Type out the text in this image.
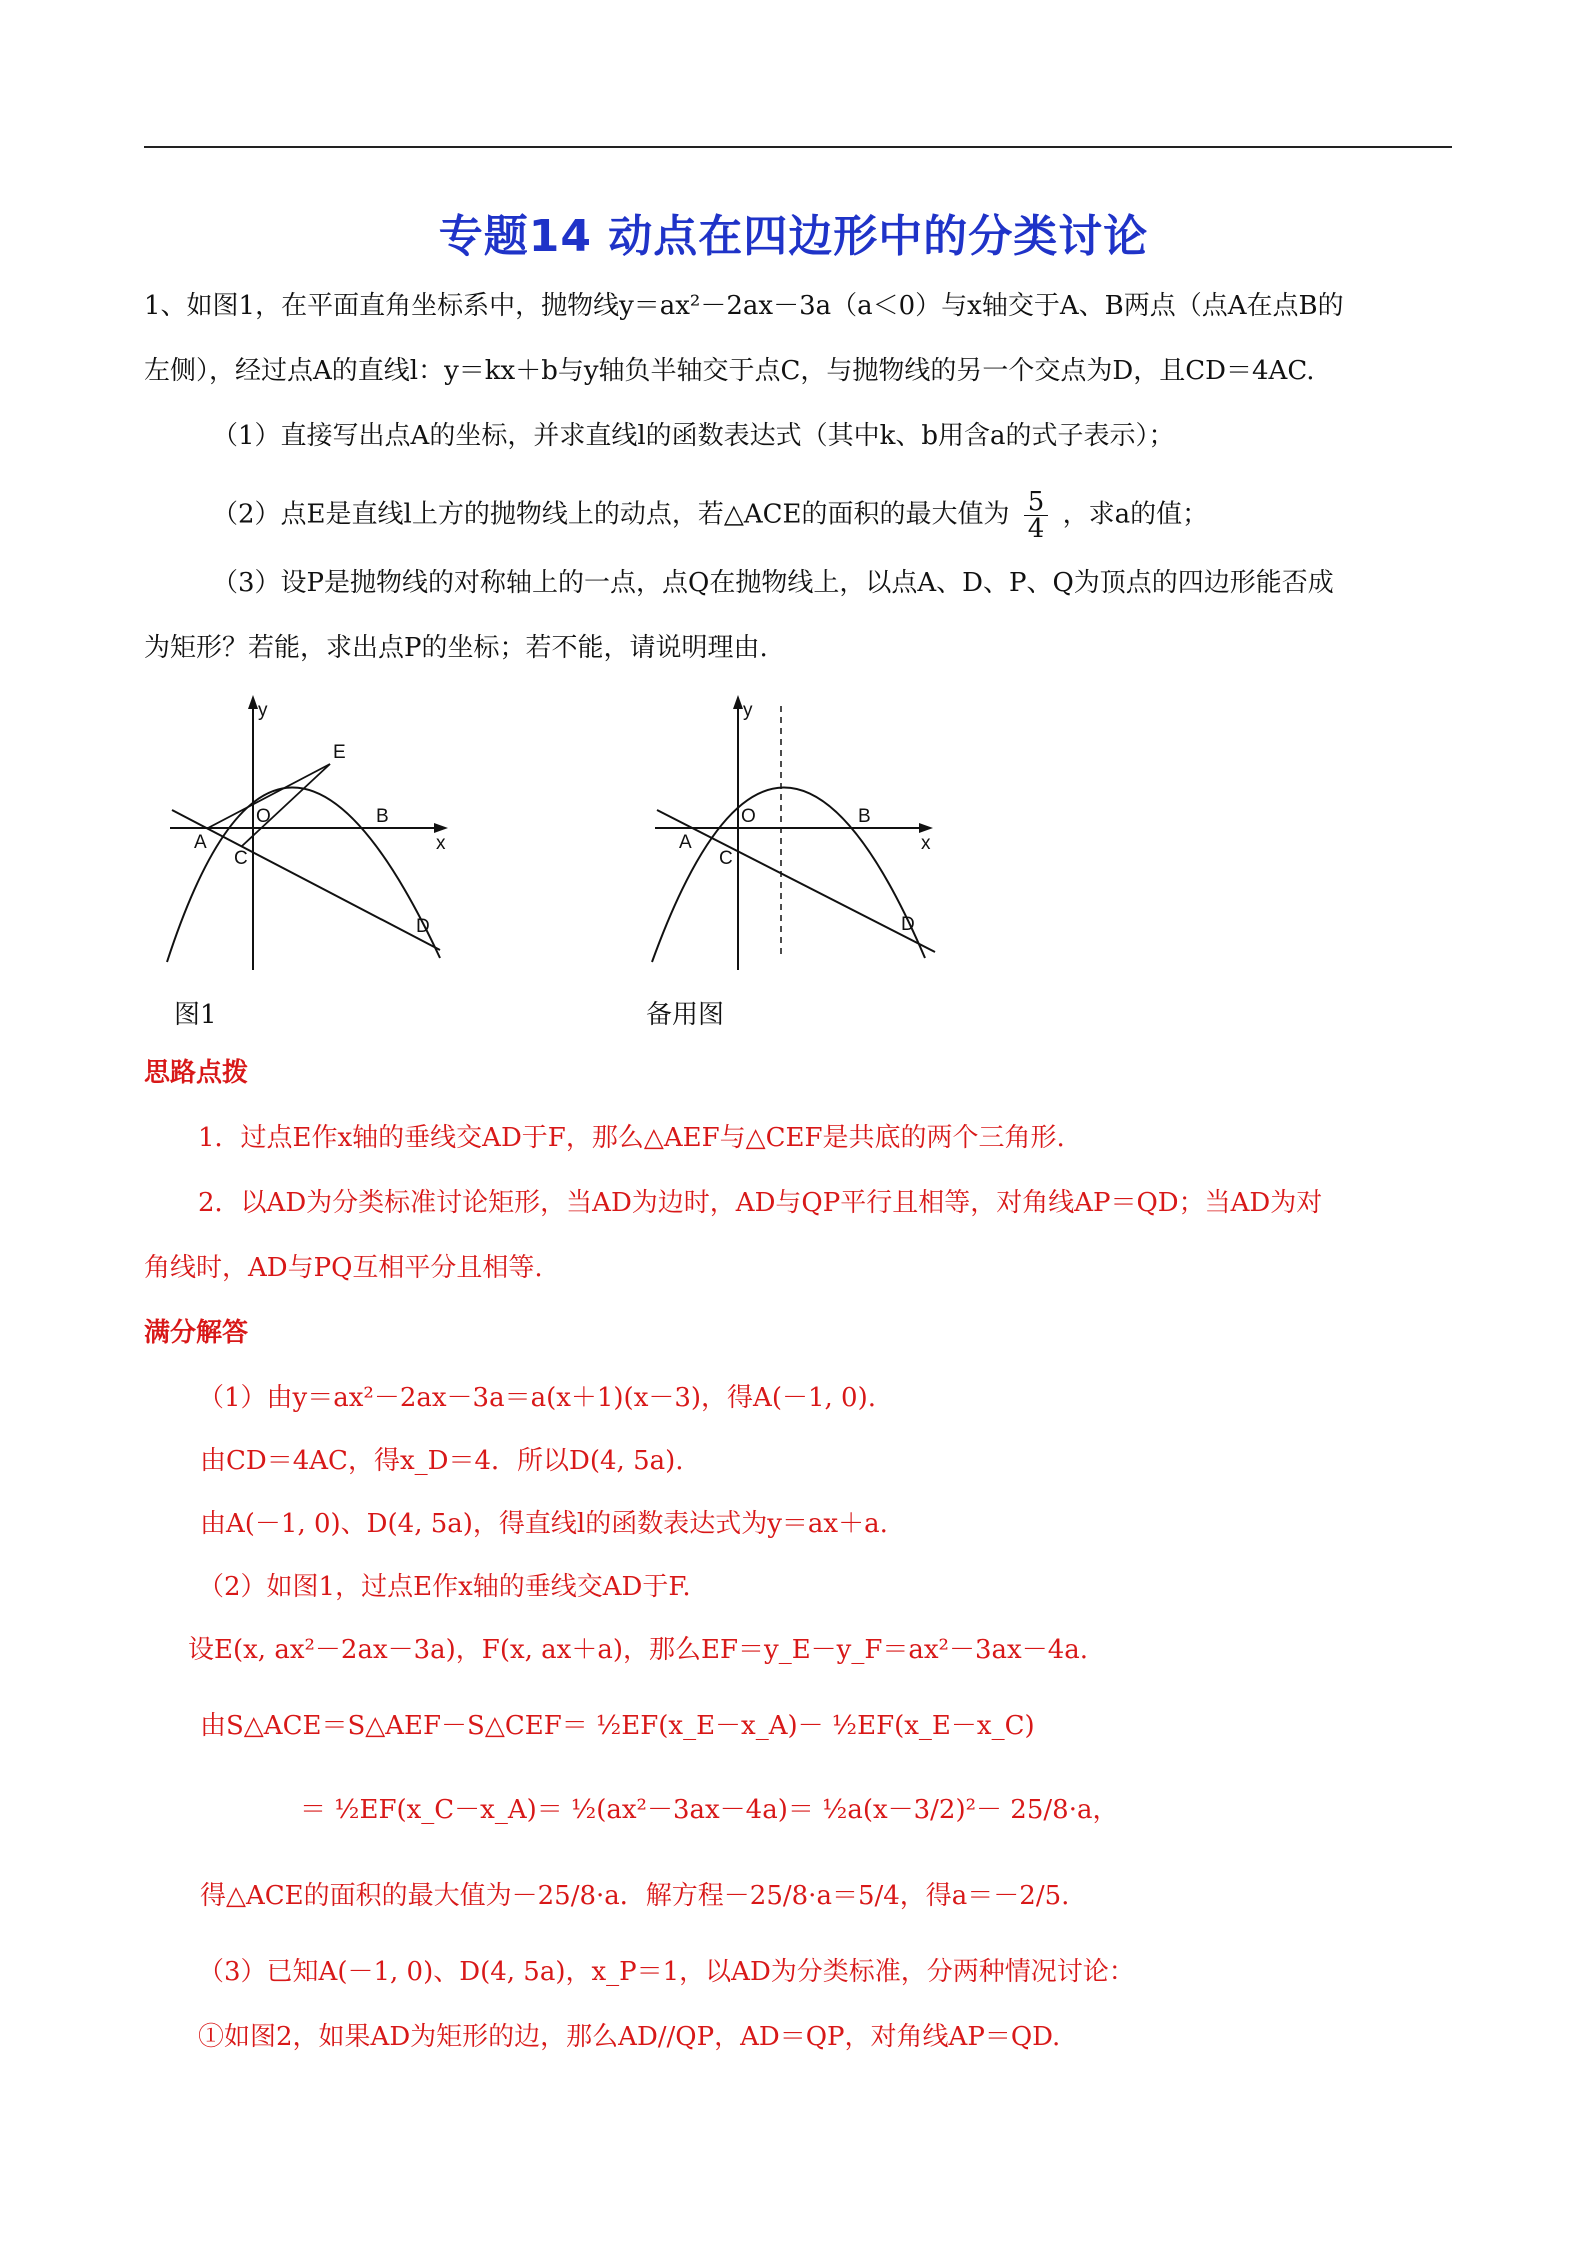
专题14 动点在四边形中的分类讨论
1、如图1，在平面直角坐标系中，抛物线y＝ax²－2ax－3a（a＜0）与x轴交于A、B两点（点A在点B的
左侧），经过点A的直线l：y＝kx＋b与y轴负半轴交于点C，与抛物线的另一个交点为D，且CD＝4AC.
（1）直接写出点A的坐标，并求直线l的函数表达式（其中k、b用含a的式子表示）；
（2）点E是直线l上方的抛物线上的动点，若△ACE的面积的最大值为 $\frac{5}{4}$ ，求a的值；
（3）设P是抛物线的对称轴上的一点，点Q在抛物线上，以点A、D、P、Q为顶点的四边形能否成
为矩形？若能，求出点P的坐标；若不能，请说明理由.
y
x
O
A
B
C
D
E
图1
y
x
O
A
B
C
D
备用图
思路点拨
1．过点E作x轴的垂线交AD于F，那么△AEF与△CEF是共底的两个三角形.
2．以AD为分类标准讨论矩形，当AD为边时，AD与QP平行且相等，对角线AP＝QD；当AD为对
角线时，AD与PQ互相平分且相等.
满分解答
（1）由y＝ax²－2ax－3a＝a(x＋1)(x－3)，得A(－1, 0).
由CD＝4AC，得x_D＝4．所以D(4, 5a).
由A(－1, 0)、D(4, 5a)，得直线l的函数表达式为y＝ax＋a.
（2）如图1，过点E作x轴的垂线交AD于F.
设E(x, ax²－2ax－3a)，F(x, ax＋a)，那么EF＝y_E－y_F＝ax²－3ax－4a.
由S△ACE＝S△AEF－S△CEF＝ ½EF(x_E－x_A)－ ½EF(x_E－x_C)
＝ ½EF(x_C－x_A)＝ ½(ax²－3ax－4a)＝ ½a(x－3/2)²－ 25/8·a，
得△ACE的面积的最大值为－25/8·a．解方程－25/8·a＝5/4，得a＝－2/5.
（3）已知A(－1, 0)、D(4, 5a)，x_P＝1，以AD为分类标准，分两种情况讨论：
①如图2，如果AD为矩形的边，那么AD//QP，AD＝QP，对角线AP＝QD.
